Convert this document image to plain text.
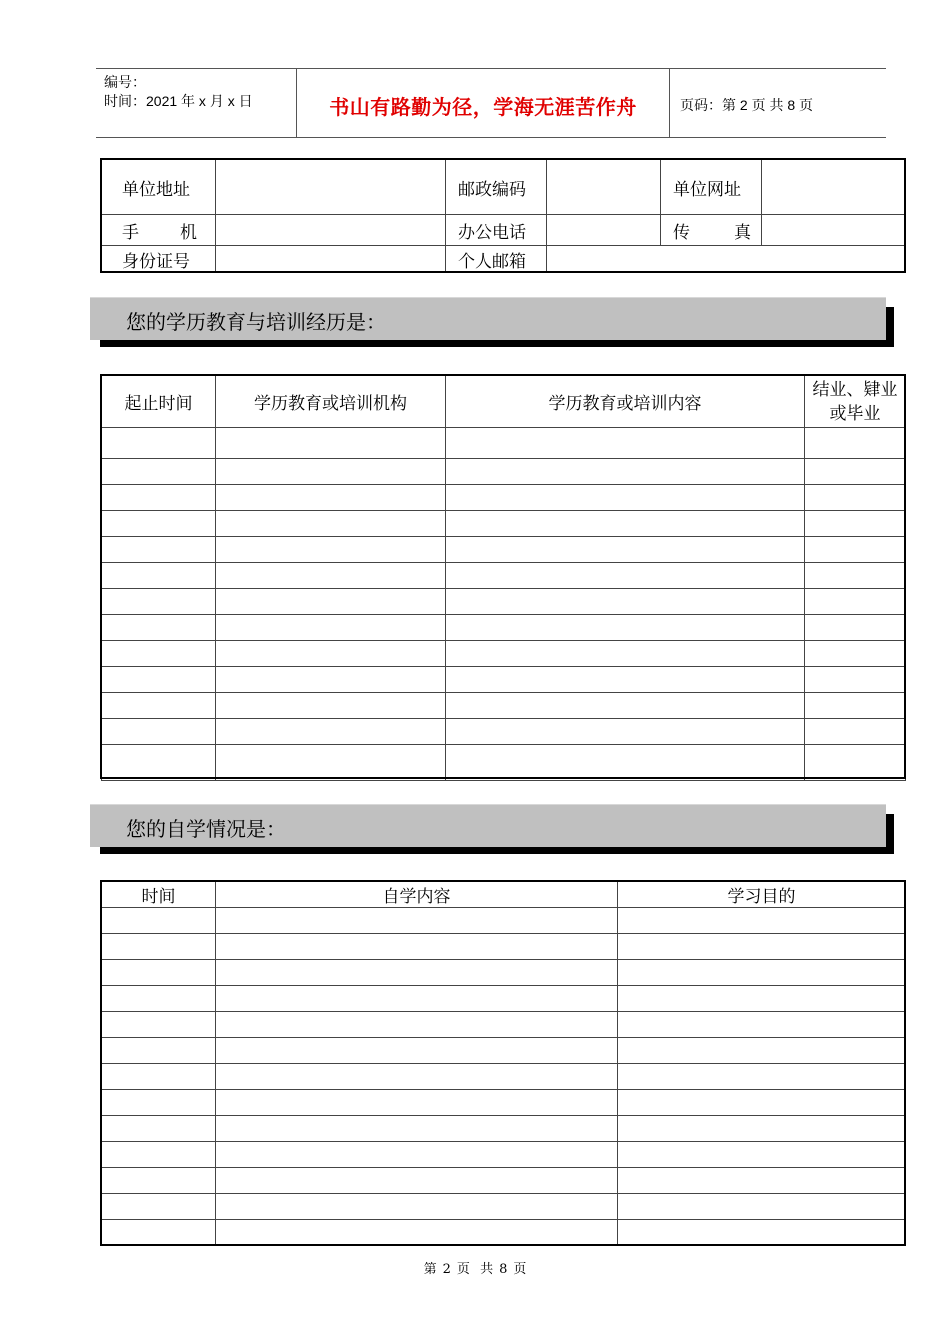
编号：
时间：2021 年 x 月 x 日	书山有路勤为径，学海无涯苦作舟	页码：第 2 页 共 8 页
单位地址		邮政编码		单位网址	

手 机		办公电话		传 真	

身份证号		个人邮箱			
您的学历教育与培训经历是：
起止时间	学历教育或培训机构	学历教育或培训内容	结业、肄业或毕业

您的自学情况是：
时间	自学内容	学习目的

第 2 页 共 8 页
